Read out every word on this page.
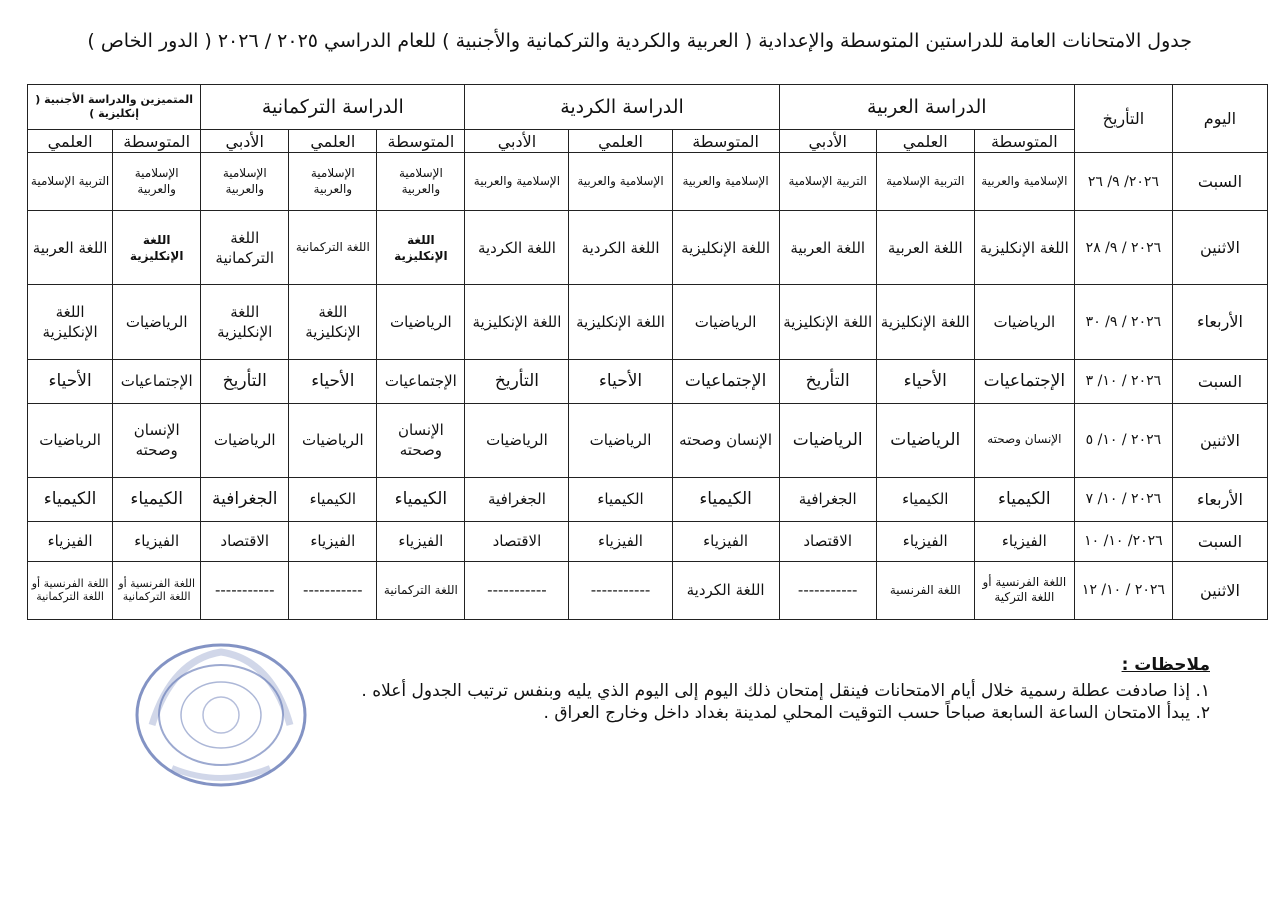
جدول الامتحانات العامة للدراستين المتوسطة والإعدادية ( العربية والكردية والتركمانية والأجنبية ) للعام الدراسي ٢٠٢٥ / ٢٠٢٦ ( الدور الخاص )
اليوم	التأريخ	الدراسة العربية			الدراسة الكردية			الدراسة التركمانية			المتميزين والدراسة الأجنبية ( إنكليزية )	
		المتوسطة	العلمي	الأدبي	المتوسطة	العلمي	الأدبي	المتوسطة	العلمي	الأدبي	المتوسطة	العلمي
السبت	٢٠٢٦/ ٩/ ٢٦	الإسلامية والعربية	التربية الإسلامية	التربية الإسلامية	الإسلامية والعربية	الإسلامية والعربية	الإسلامية والعربية	الإسلامية والعربية	الإسلامية والعربية	الإسلامية والعربية	الإسلامية والعربية	التربية الإسلامية
الاثنين	٢٠٢٦ / ٩/ ٢٨	اللغة الإنكليزية	اللغة العربية	اللغة العربية	اللغة الإنكليزية	اللغة الكردية	اللغة الكردية	اللغة الإنكليزية	اللغة التركمانية	اللغة التركمانية	اللغة الإنكليزية	اللغة العربية
الأربعاء	٢٠٢٦ / ٩/ ٣٠	الرياضيات	اللغة الإنكليزية	اللغة الإنكليزية	الرياضيات	اللغة الإنكليزية	اللغة الإنكليزية	الرياضيات	اللغة الإنكليزية	اللغة الإنكليزية	الرياضيات	اللغة الإنكليزية
السبت	٢٠٢٦ / ١٠/ ٣	الإجتماعيات	الأحياء	التأريخ	الإجتماعيات	الأحياء	التأريخ	الإجتماعيات	الأحياء	التأريخ	الإجتماعيات	الأحياء
الاثنين	٢٠٢٦ / ١٠/ ٥	الإنسان وصحته	الرياضيات	الرياضيات	الإنسان وصحته	الرياضيات	الرياضيات	الإنسان وصحته	الرياضيات	الرياضيات	الإنسان وصحته	الرياضيات
الأربعاء	٢٠٢٦ / ١٠/ ٧	الكيمياء	الكيمياء	الجغرافية	الكيمياء	الكيمياء	الجغرافية	الكيمياء	الكيمياء	الجغرافية	الكيمياء	الكيمياء
السبت	٢٠٢٦/ ١٠/ ١٠	الفيزياء	الفيزياء	الاقتصاد	الفيزياء	الفيزياء	الاقتصاد	الفيزياء	الفيزياء	الاقتصاد	الفيزياء	الفيزياء
الاثنين	٢٠٢٦ / ١٠/ ١٢	اللغة الفرنسية أو اللغة التركية	اللغة الفرنسية	-----------	اللغة الكردية	-----------	-----------	اللغة التركمانية	-----------	-----------	اللغة الفرنسية أو اللغة التركمانية	اللغة الفرنسية أو اللغة التركمانية
ملاحظات :
١. إذا صادفت عطلة رسمية خلال أيام الامتحانات فينقل إمتحان ذلك اليوم إلى اليوم الذي يليه وبنفس ترتيب الجدول أعلاه .
٢. يبدأ الامتحان الساعة السابعة صباحاً حسب التوقيت المحلي لمدينة بغداد داخل وخارج العراق .
